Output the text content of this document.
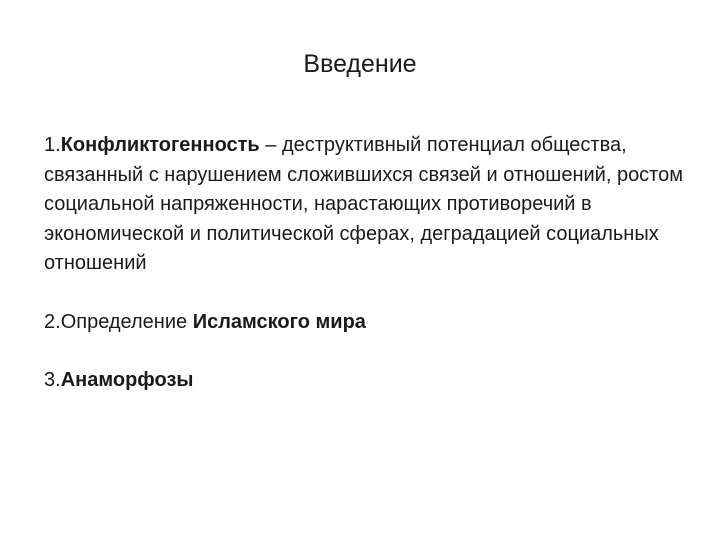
Введение

1.Конфликтогенность – деструктивный потенциал общества, связанный с нарушением сложившихся связей и отношений, ростом социальной напряженности, нарастающих противоречий в экономической и политической сферах, деградацией социальных отношений

2.Определение Исламского мира

3.Анаморфозы
